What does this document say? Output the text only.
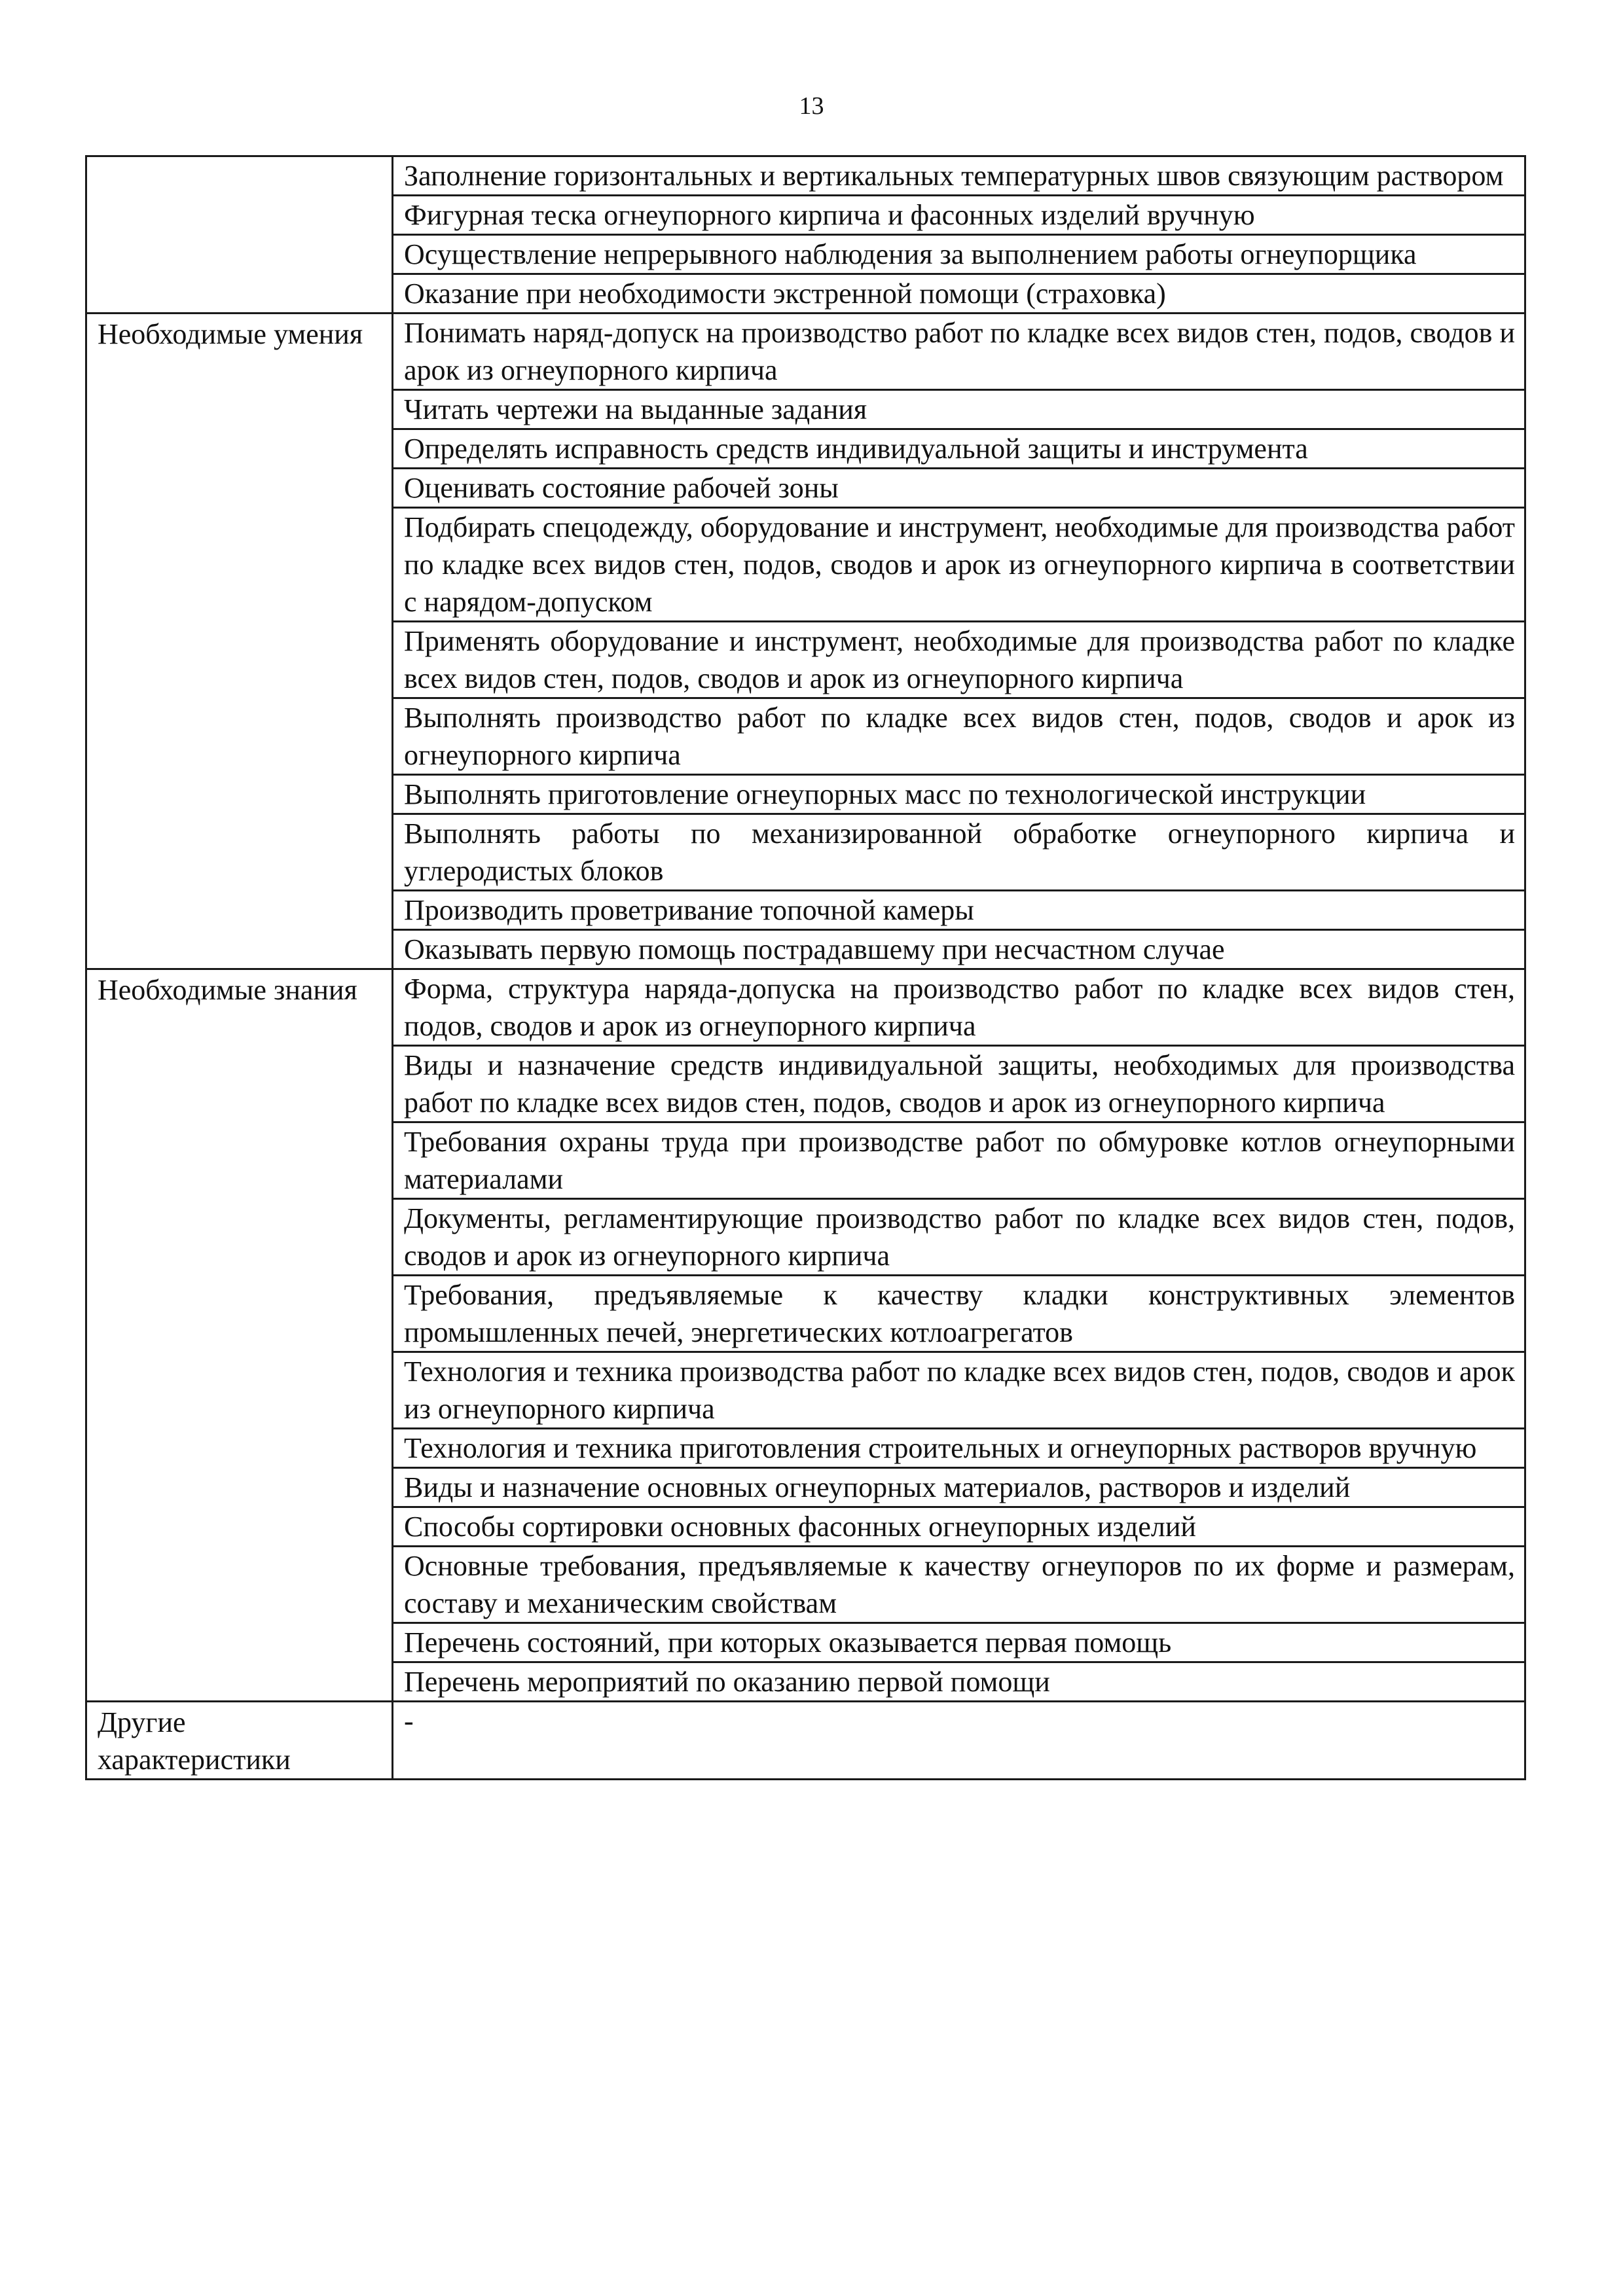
13
	Заполнение горизонтальных и вертикальных температурных швов связующим раствором
	Фигурная теска огнеупорного кирпича и фасонных изделий вручную
	Осуществление непрерывного наблюдения за выполнением работы огнеупорщика
	Оказание при необходимости экстренной помощи (страховка)
Необходимые умения	Понимать наряд-допуск на производство работ по кладке всех видов стен, подов, сводов и арок из огнеупорного кирпича
	Читать чертежи на выданные задания
	Определять исправность средств индивидуальной защиты и инструмента
	Оценивать состояние рабочей зоны
	Подбирать спецодежду, оборудование и инструмент, необходимые для производства работ по кладке всех видов стен, подов, сводов и арок из огнеупорного кирпича в соответствии с нарядом-допуском
	Применять оборудование и инструмент, необходимые для производства работ по кладке всех видов стен, подов, сводов и арок из огнеупорного кирпича
	Выполнять производство работ по кладке всех видов стен, подов, сводов и арок из огнеупорного кирпича
	Выполнять приготовление огнеупорных масс по технологической инструкции
	Выполнять работы по механизированной обработке огнеупорного кирпича и углеродистых блоков
	Производить проветривание топочной камеры
	Оказывать первую помощь пострадавшему при несчастном случае
Необходимые знания	Форма, структура наряда-допуска на производство работ по кладке всех видов стен, подов, сводов и арок из огнеупорного кирпича
	Виды и назначение средств индивидуальной защиты, необходимых для производства работ по кладке всех видов стен, подов, сводов и арок из огнеупорного кирпича
	Требования охраны труда при производстве работ по обмуровке котлов огнеупорными материалами
	Документы, регламентирующие производство работ по кладке всех видов стен, подов, сводов и арок из огнеупорного кирпича
	Требования, предъявляемые к качеству кладки конструктивных элементов промышленных печей, энергетических котлоагрегатов
	Технология и техника производства работ по кладке всех видов стен, подов, сводов и арок из огнеупорного кирпича
	Технология и техника приготовления строительных и огнеупорных растворов вручную
	Виды и назначение основных огнеупорных материалов, растворов и изделий
	Способы сортировки основных фасонных огнеупорных изделий
	Основные требования, предъявляемые к качеству огнеупоров по их форме и размерам, составу и механическим свойствам
	Перечень состояний, при которых оказывается первая помощь
	Перечень мероприятий по оказанию первой помощи
Другие характеристики	-
